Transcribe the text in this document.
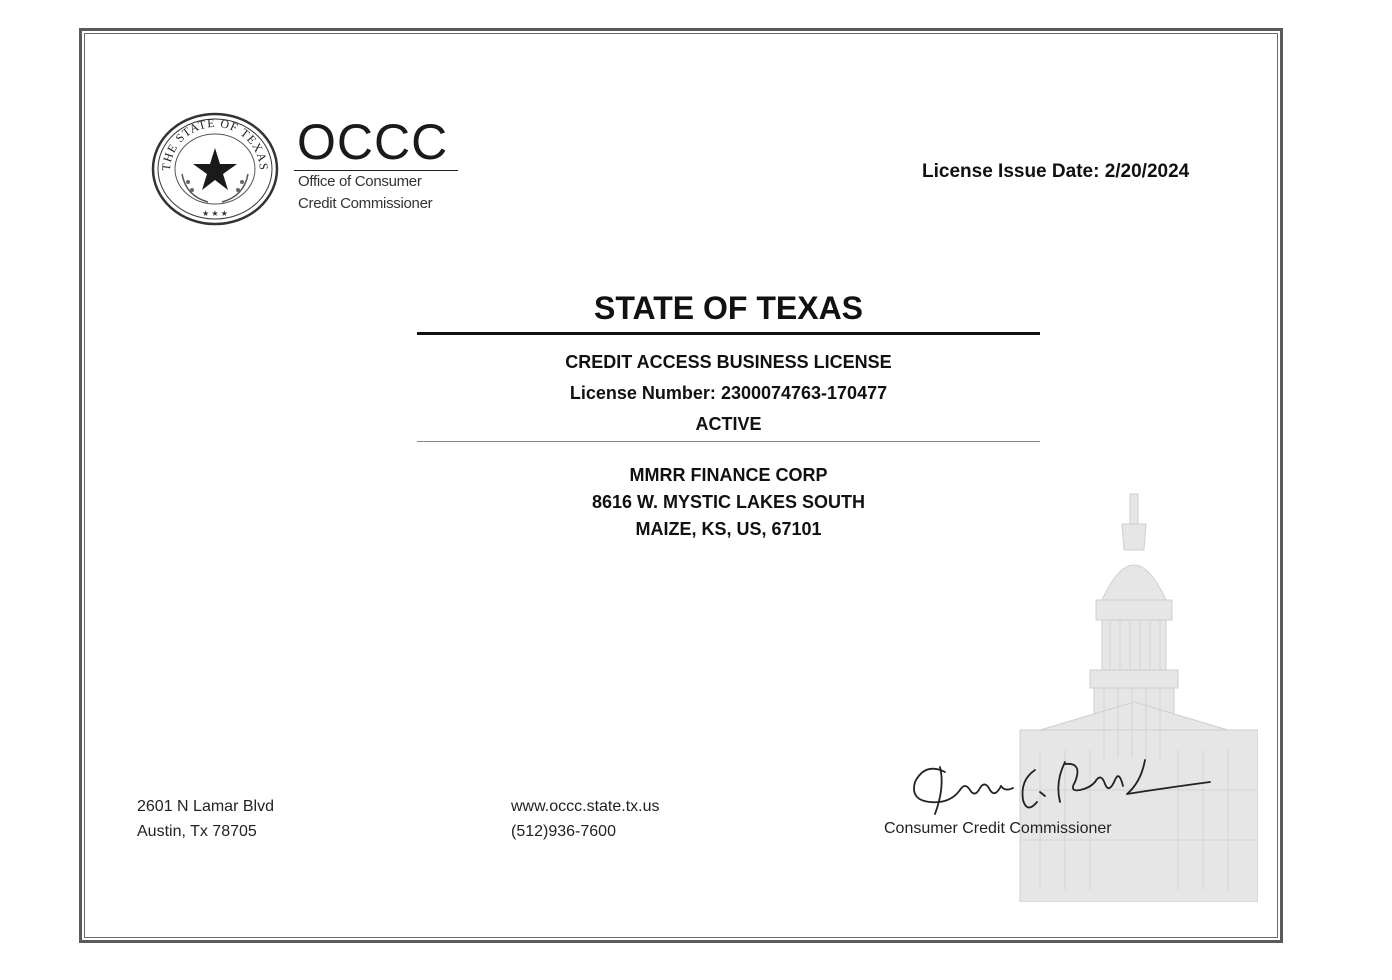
THE STATE OF TEXAS
★ ★ ★
OCCC
Office of Consumer
Credit Commissioner
License Issue Date: 2/20/2024
STATE OF TEXAS
CREDIT ACCESS BUSINESS LICENSE
License Number: 2300074763-170477
ACTIVE
MMRR FINANCE CORP
8616 W. MYSTIC LAKES SOUTH
MAIZE, KS, US, 67101
2601 N Lamar Blvd
Austin, Tx 78705
www.occc.state.tx.us
(512)936-7600	Consumer Credit Commissioner
